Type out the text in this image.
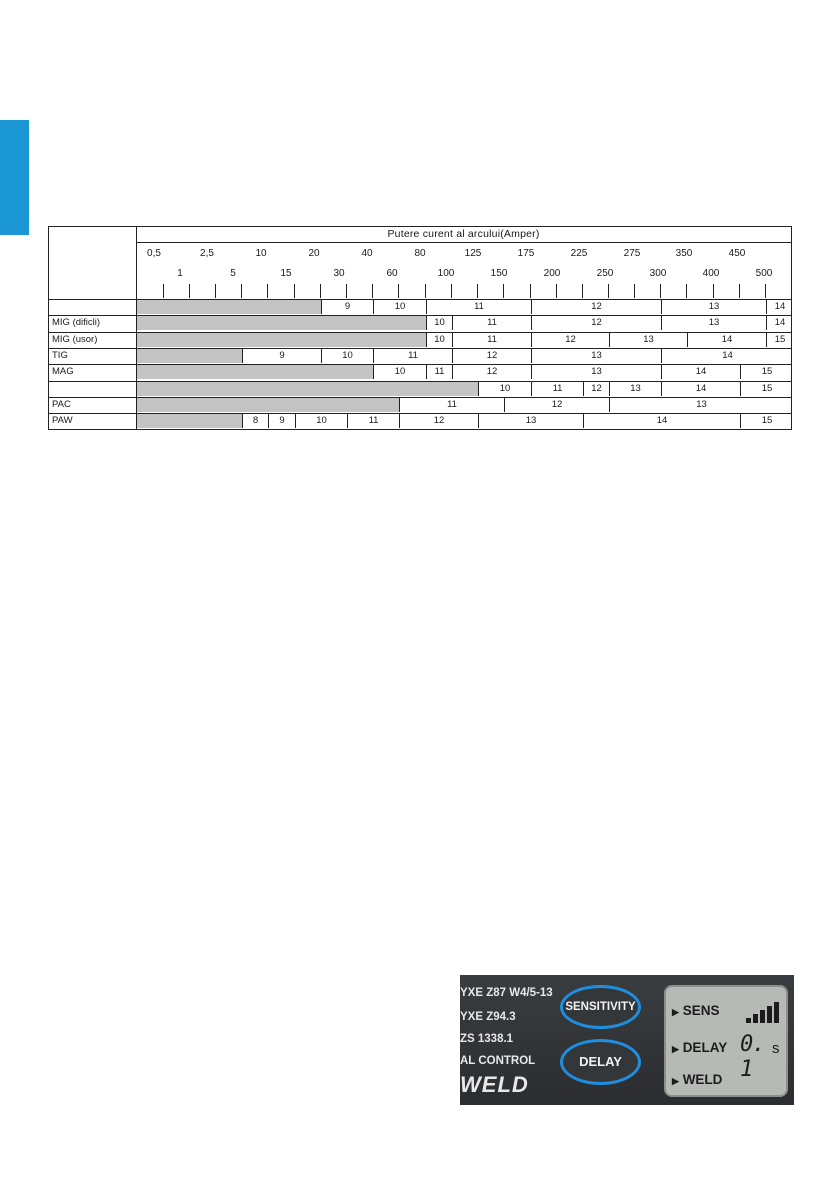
Putere curent al arcului(Amper)
0,5	2,5	10	20	40	80	125	175	225	275	350	450
1	5	15	30	60	100	150	200	250	300	400	500
9	10	11	12	13	14
MIG (dificli)	10	11	12	13	14
MIG (usor)	10	11	12	13	14	15
TIG	9	10	11	12	13	14
MAG	10	11	12	13	14	15
10	11	12	13	14	15
PAC	11	12	13
PAW	8	9	10	11	12	13	14	15
YXE Z87 W4/5-13
YXE Z94.3
ZS 1338.1
AL CONTROL
WELD
SENSITIVITY
DELAY
▶ SENS
▶ DELAY 0. 1
s
▶ WELD
